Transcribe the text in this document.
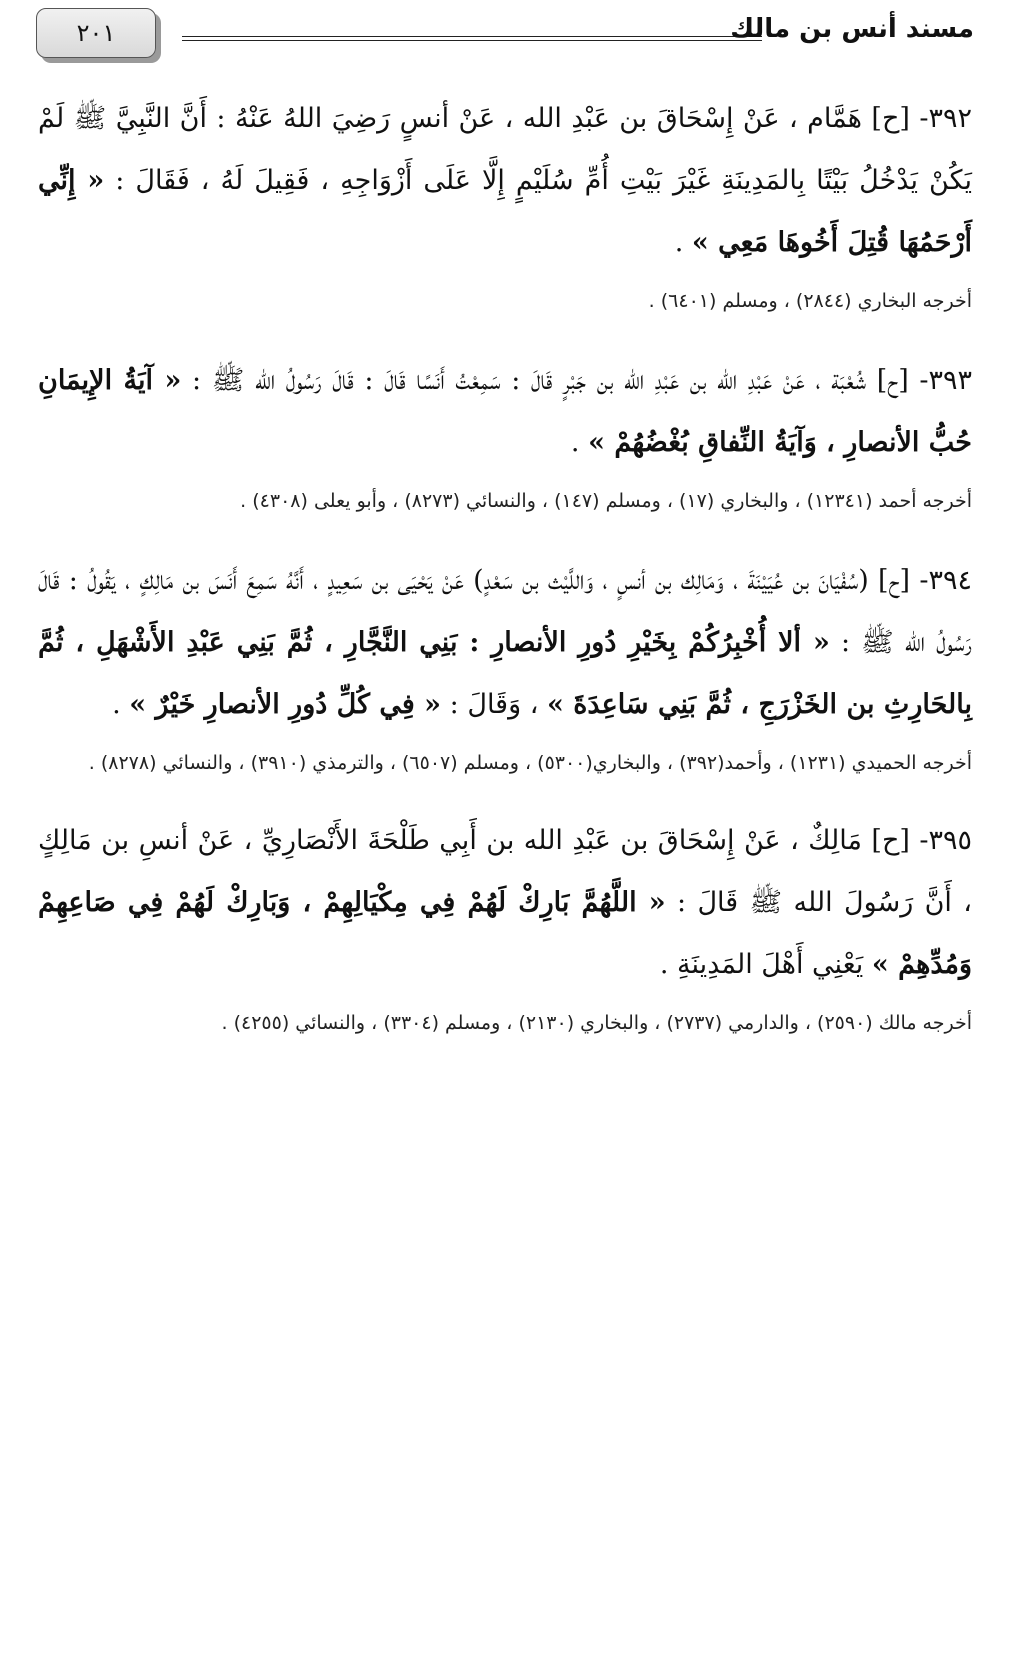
٢٠١	مسند أنس بن مالك

٣٩٢- [ح] هَمَّام ، عَنْ إِسْحَاقَ بن عَبْدِ الله ، عَنْ أنسٍ رَضِيَ اللهُ عَنْهُ : أَنَّ النَّبِيَّ ﷺ لَمْ يَكُنْ يَدْخُلُ بَيْتًا بِالمَدِينَةِ غَيْرَ بَيْتِ أُمِّ سُلَيْمٍ إِلَّا عَلَى أَزْوَاجِهِ ، فَقِيلَ لَهُ ، فَقَالَ : « إِنِّي أَرْحَمُهَا قُتِلَ أَخُوهَا مَعِي » .

أخرجه البخاري (٢٨٤٤) ، ومسلم (٦٤٠١) .

٣٩٣- [ح] شُعْبَة ، عَنْ عَبْدِ الله بن عَبْدِ الله بن جَبْرٍ قَالَ : سَمِعْتُ أَنَسًا قَالَ : قَالَ رَسُولُ الله ﷺ : « آيَةُ الإِيمَانِ حُبُّ الأنصارِ ، وَآيَةُ النِّفاقِ بُغْضُهُمْ » .

أخرجه أحمد (١٢٣٤١) ، والبخاري (١٧) ، ومسلم (١٤٧) ، والنسائي (٨٢٧٣) ، وأبو يعلى (٤٣٠٨) .

٣٩٤- [ح] (سُفْيَانَ بن عُيَيْنَةَ ، وَمَالِك بن أنسٍ ، وَاللَّيْث بن سَعْدٍ) عَنْ يَحْيَى بن سَعِيدٍ ، أَنَّهُ سَمِعَ أَنَسَ بن مَالِكٍ ، يَقُولُ : قَالَ رَسُولُ الله ﷺ : « ألا أُخْبِرُكُمْ بِخَيْرِ دُورِ الأنصارِ : بَنِي النَّجَّارِ ، ثُمَّ بَنِي عَبْدِ الأَشْهَلِ ، ثُمَّ بِالحَارِثِ بن الخَزْرَجِ ، ثُمَّ بَنِي سَاعِدَةَ » ، وَقَالَ : « فِي كُلِّ دُورِ الأنصارِ خَيْرٌ » .

أخرجه الحميدي (١٢٣١) ، وأحمد(٣٩٢) ، والبخاري(٥٣٠٠) ، ومسلم (٦٥٠٧) ، والترمذي (٣٩١٠) ، والنسائي (٨٢٧٨) .

٣٩٥- [ح] مَالِكٌ ، عَنْ إِسْحَاقَ بن عَبْدِ الله بن أَبِي طَلْحَةَ الأَنْصَارِيِّ ، عَنْ أنسِ بن مَالِكٍ ، أَنَّ رَسُولَ الله ﷺ قَالَ : « اللَّهُمَّ بَارِكْ لَهُمْ فِي مِكْيَالِهِمْ ، وَبَارِكْ لَهُمْ فِي صَاعِهِمْ وَمُدِّهِمْ » يَعْنِي أَهْلَ المَدِينَةِ .

أخرجه مالك (٢٥٩٠) ، والدارمي (٢٧٣٧) ، والبخاري (٢١٣٠) ، ومسلم (٣٣٠٤) ، والنسائي (٤٢٥٥) .
